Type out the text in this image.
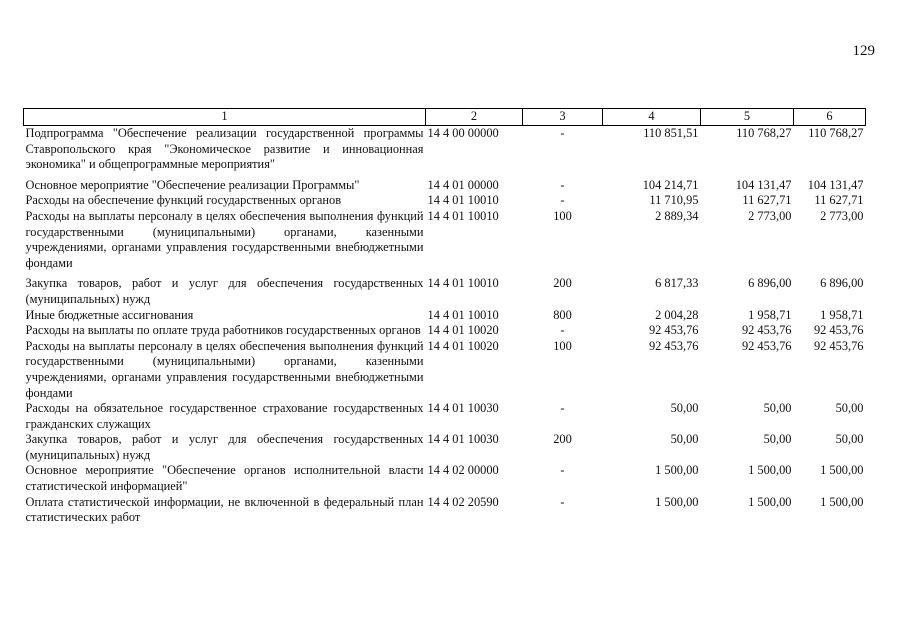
129
1	2	3	4	5	6
Подпрограмма "Обеспечение реализации государственной программы Ставропольского края "Экономическое развитие и инновационная экономика" и общепрограммные мероприятия"	14 4 00 00000	-	110 851,51	110 768,27	110 768,27
Основное мероприятие "Обеспечение реализации Программы"	14 4 01 00000	-	104 214,71	104 131,47	104 131,47
Расходы на обеспечение функций государственных органов	14 4 01 10010	-	11 710,95	11 627,71	11 627,71
Расходы на выплаты персоналу в целях обеспечения выполнения функций государственными (муниципальными) органами, казенными учреждениями, органами управления государственными внебюджетными фондами	14 4 01 10010	100	2 889,34	2 773,00	2 773,00
Закупка товаров, работ и услуг для обеспечения государственных (муниципальных) нужд	14 4 01 10010	200	6 817,33	6 896,00	6 896,00
Иные бюджетные ассигнования	14 4 01 10010	800	2 004,28	1 958,71	1 958,71
Расходы на выплаты по оплате труда работников государственных органов	14 4 01 10020	-	92 453,76	92 453,76	92 453,76
Расходы на выплаты персоналу в целях обеспечения выполнения функций государственными (муниципальными) органами, казенными учреждениями, органами управления государственными внебюджетными фондами	14 4 01 10020	100	92 453,76	92 453,76	92 453,76
Расходы на обязательное государственное страхование государственных гражданских служащих	14 4 01 10030	-	50,00	50,00	50,00
Закупка товаров, работ и услуг для обеспечения государственных (муниципальных) нужд	14 4 01 10030	200	50,00	50,00	50,00
Основное мероприятие "Обеспечение органов исполнительной власти статистической информацией"	14 4 02 00000	-	1 500,00	1 500,00	1 500,00
Оплата статистической информации, не включенной в федеральный план статистических работ	14 4 02 20590	-	1 500,00	1 500,00	1 500,00
